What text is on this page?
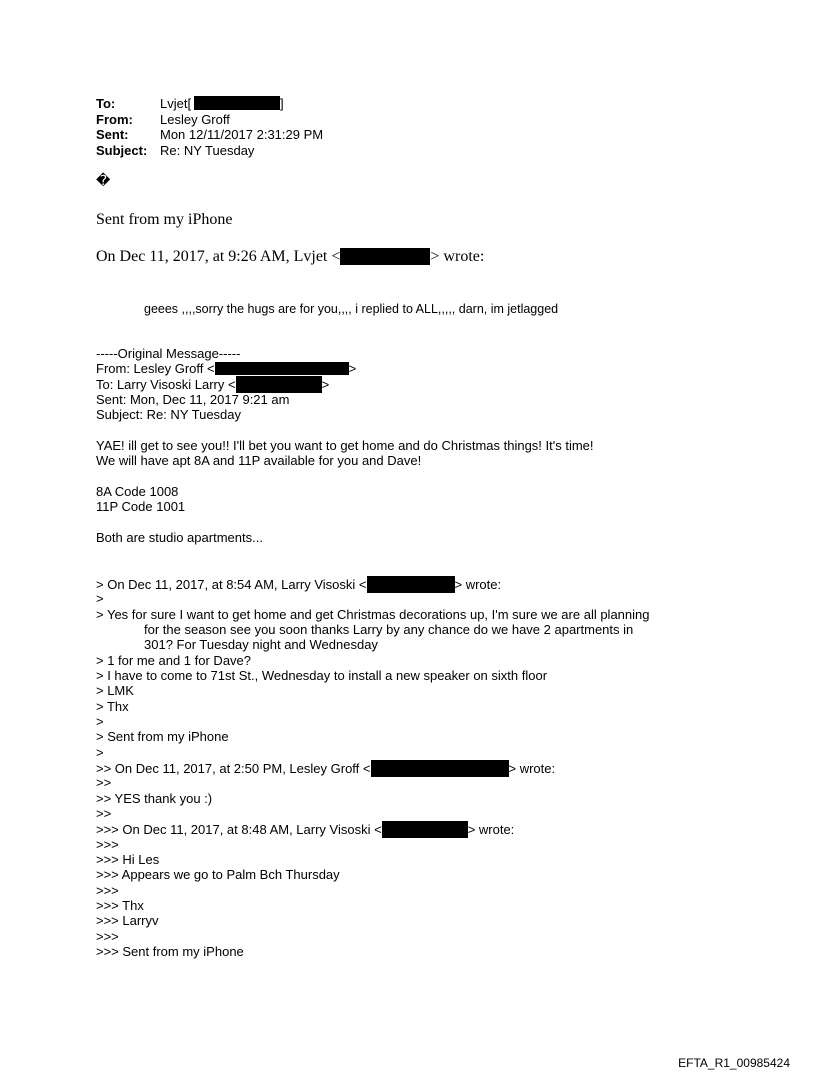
To:	Lvjet[	]
From: Lesley Groff
Sent: Mon 12/11/2017 2:31:29 PM
Subject: Re: NY Tuesday
�
Sent from my iPhone
On Dec 11, 2017, at 9:26 AM, Lvjet <	> wrote:
geees ,,,,sorry the hugs are for you,,,, i replied to ALL,,,,, darn, im jetlagged
-----Original Message-----
From: Lesley Groff <	>
To: Larry Visoski Larry <	>
Sent: Mon, Dec 11, 2017 9:21 am
Subject: Re: NY Tuesday
YAE! ill get to see you!! I'll bet you want to get home and do Christmas things! It's time!
We will have apt 8A and 11P available for you and Dave!
8A Code 1008
11P Code 1001
Both are studio apartments...
> On Dec 11, 2017, at 8:54 AM, Larry Visoski <	> wrote:
>
> Yes for sure I want to get home and get Christmas decorations up, I'm sure we are all planning
for the season see you soon thanks Larry by any chance do we have 2 apartments in
301? For Tuesday night and Wednesday
> 1 for me and 1 for Dave?
> I have to come to 71st St., Wednesday to install a new speaker on sixth floor
> LMK
> Thx
>
> Sent from my iPhone
>
>> On Dec 11, 2017, at 2:50 PM, Lesley Groff <	> wrote:
>>
>> YES thank you :)
>>
>>> On Dec 11, 2017, at 8:48 AM, Larry Visoski <	> wrote:
>>>
>>> Hi Les
>>> Appears we go to Palm Bch Thursday
>>>
>>> Thx
>>> Larryv
>>>
>>> Sent from my iPhone
EFTA_R1_00985424
